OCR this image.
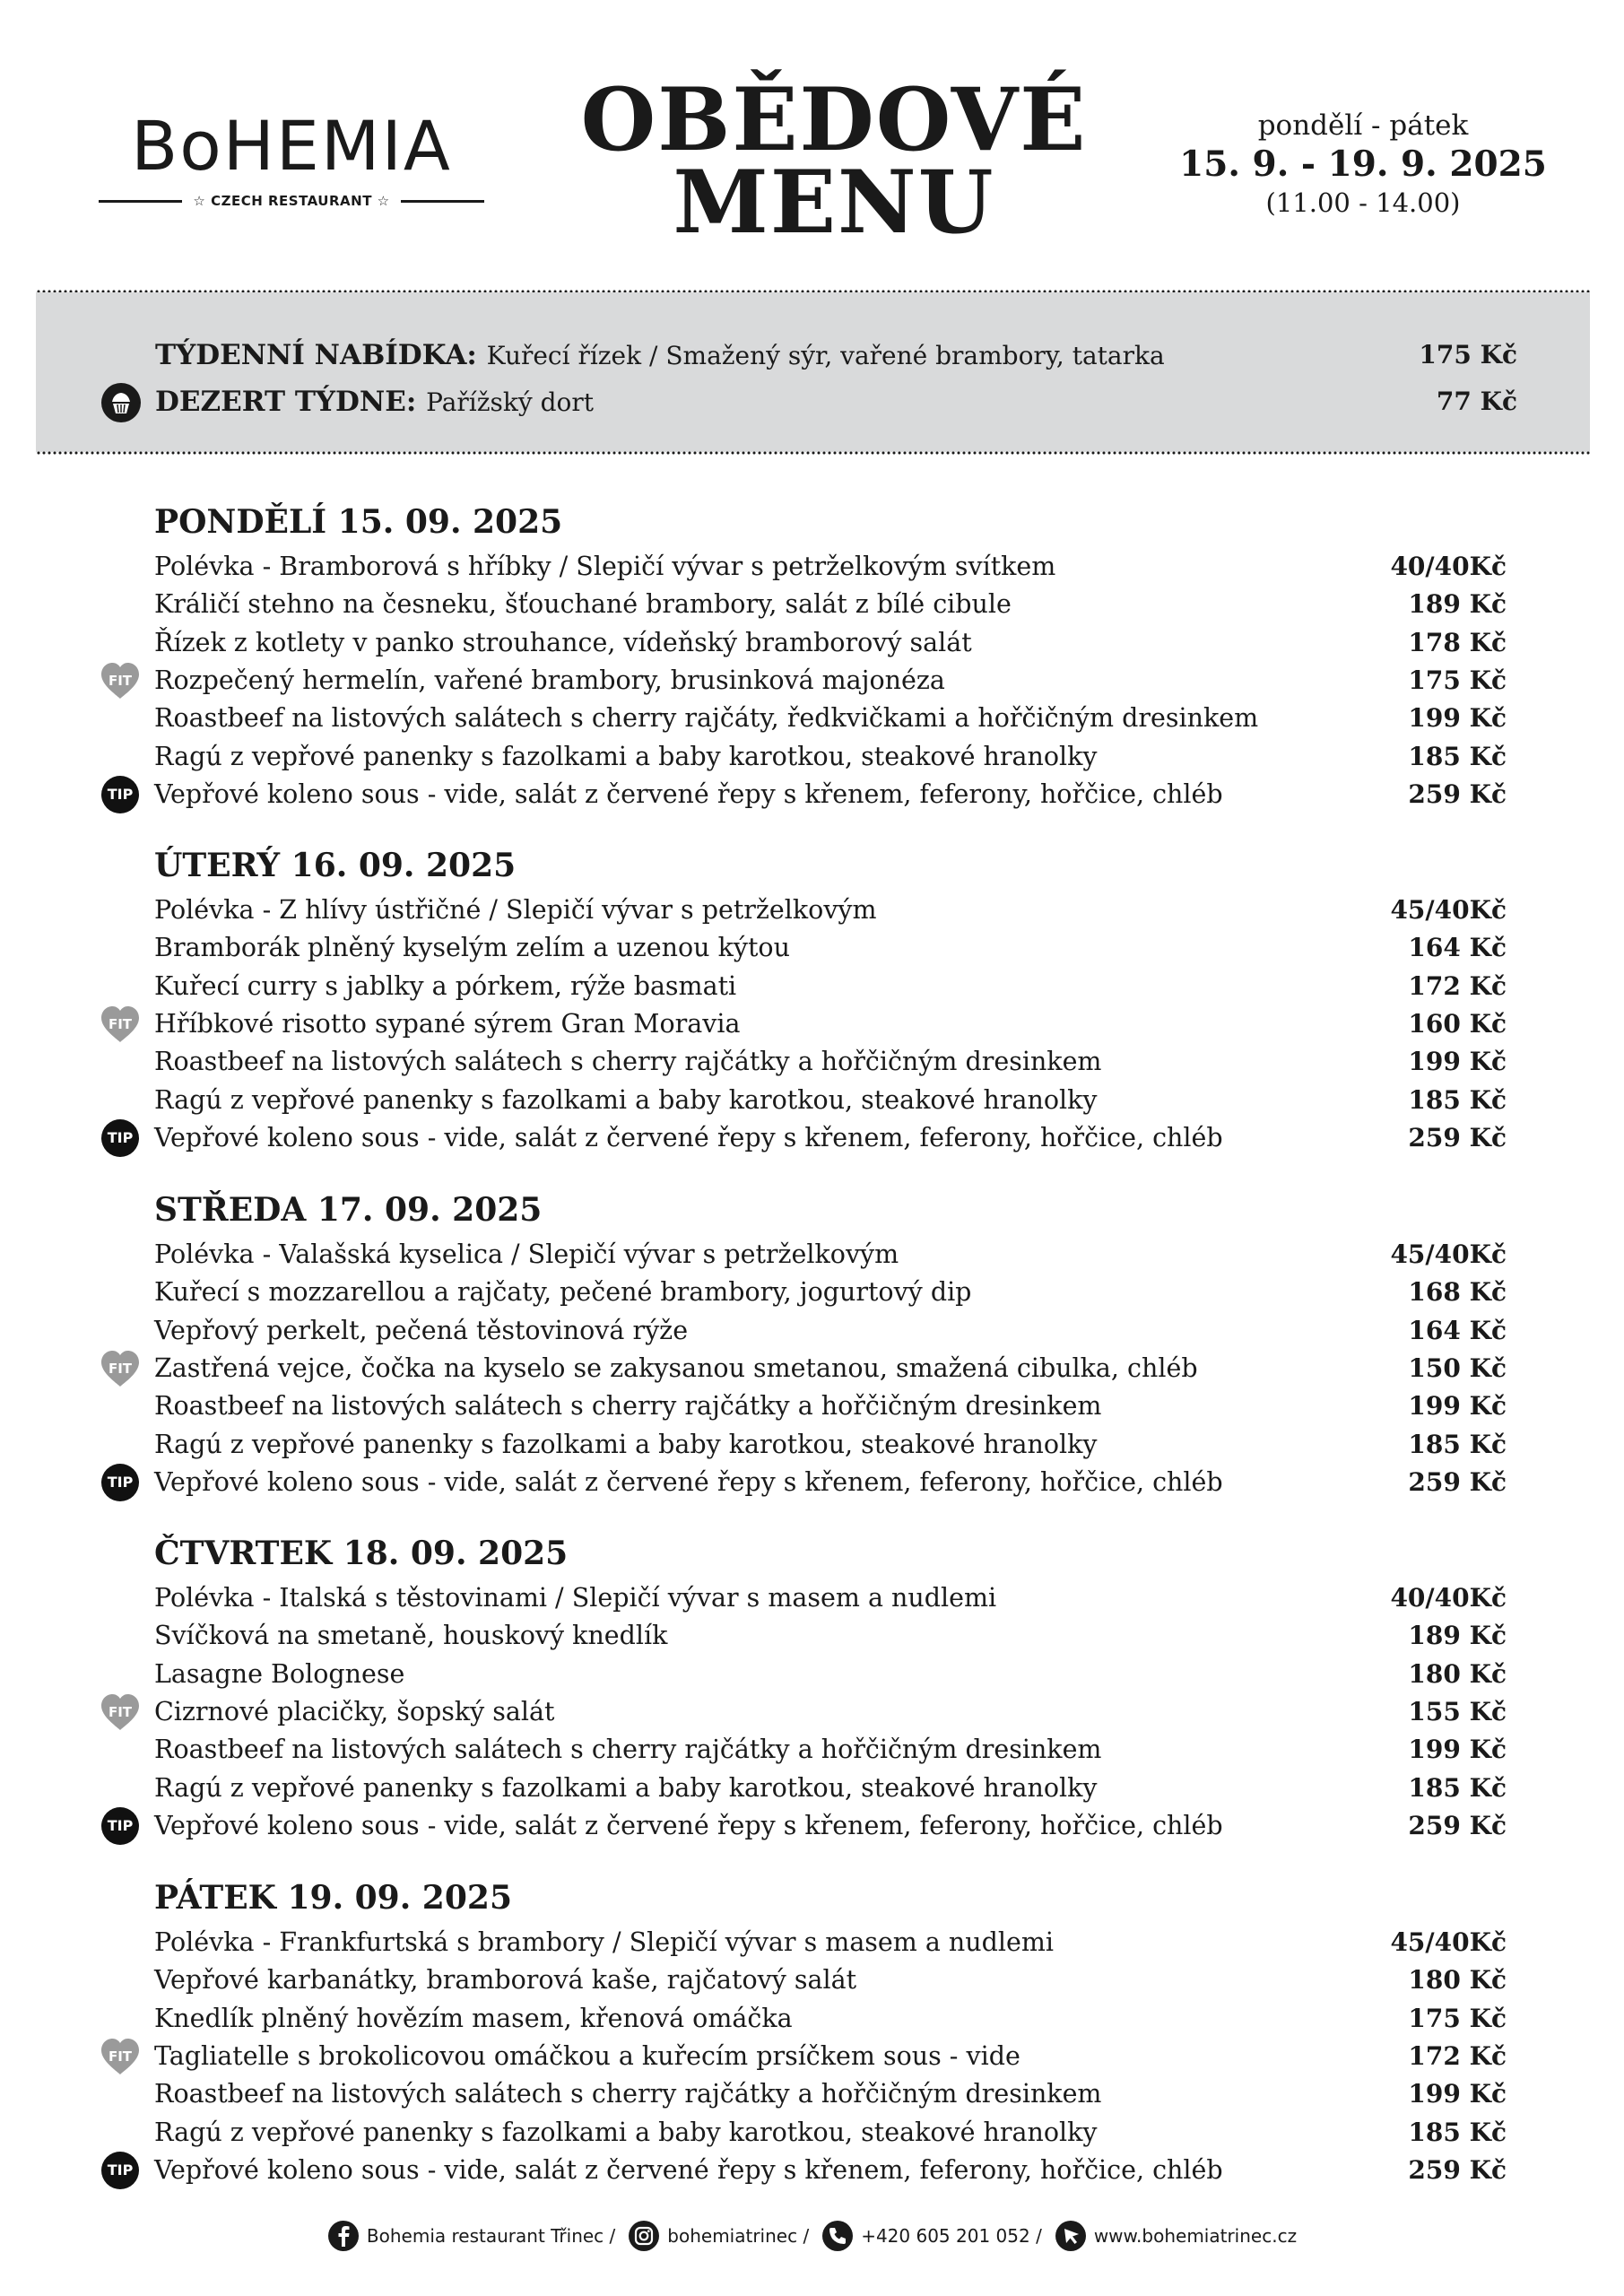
BoHEMIA
☆ CZECH RESTAURANT ☆
OBĚDOVÉ
MENU
pondělí - pátek
15. 9. - 19. 9. 2025
(11.00 - 14.00)
TÝDENNÍ NABÍDKA: Kuřecí řízek / Smažený sýr, vařené brambory, tatarka	175 Kč
DEZERT TÝDNE: Pařížský dort	77 Kč
PONDĚLÍ 15. 09. 2025
Polévka - Bramborová s hříbky / Slepičí vývar s petrželkovým svítkem	40/40Kč
Králičí stehno na česneku, šťouchané brambory, salát z bílé cibule	189 Kč
Řízek z kotlety v panko strouhance, vídeňský bramborový salát	178 Kč
FIT Rozpečený hermelín, vařené brambory, brusinková majonéza	175 Kč
Roastbeef na listových salátech s cherry rajčáty, ředkvičkami a hořčičným dresinkem	199 Kč
Ragú z vepřové panenky s fazolkami a baby karotkou, steakové hranolky	185 Kč
TIP Vepřové koleno sous - vide, salát z červené řepy s křenem, feferony, hořčice, chléb	259 Kč
ÚTERÝ 16. 09. 2025
Polévka - Z hlívy ústřičné / Slepičí vývar s petrželkovým	45/40Kč
Bramborák plněný kyselým zelím a uzenou kýtou	164 Kč
Kuřecí curry s jablky a pórkem, rýže basmati	172 Kč
FIT Hříbkové risotto sypané sýrem Gran Moravia	160 Kč
Roastbeef na listových salátech s cherry rajčátky a hořčičným dresinkem	199 Kč
Ragú z vepřové panenky s fazolkami a baby karotkou, steakové hranolky	185 Kč
TIP Vepřové koleno sous - vide, salát z červené řepy s křenem, feferony, hořčice, chléb	259 Kč
STŘEDA 17. 09. 2025
Polévka - Valašská kyselica / Slepičí vývar s petrželkovým	45/40Kč
Kuřecí s mozzarellou a rajčaty, pečené brambory, jogurtový dip	168 Kč
Vepřový perkelt, pečená těstovinová rýže	164 Kč
FIT Zastřená vejce, čočka na kyselo se zakysanou smetanou, smažená cibulka, chléb	150 Kč
Roastbeef na listových salátech s cherry rajčátky a hořčičným dresinkem	199 Kč
Ragú z vepřové panenky s fazolkami a baby karotkou, steakové hranolky	185 Kč
TIP Vepřové koleno sous - vide, salát z červené řepy s křenem, feferony, hořčice, chléb	259 Kč
ČTVRTEK 18. 09. 2025
Polévka - Italská s těstovinami / Slepičí vývar s masem a nudlemi	40/40Kč
Svíčková na smetaně, houskový knedlík	189 Kč
Lasagne Bolognese	180 Kč
FIT Cizrnové placičky, šopský salát	155 Kč
Roastbeef na listových salátech s cherry rajčátky a hořčičným dresinkem	199 Kč
Ragú z vepřové panenky s fazolkami a baby karotkou, steakové hranolky	185 Kč
TIP Vepřové koleno sous - vide, salát z červené řepy s křenem, feferony, hořčice, chléb	259 Kč
PÁTEK 19. 09. 2025
Polévka - Frankfurtská s brambory / Slepičí vývar s masem a nudlemi	45/40Kč
Vepřové karbanátky, bramborová kaše, rajčatový salát	180 Kč
Knedlík plněný hovězím masem, křenová omáčka	175 Kč
FIT Tagliatelle s brokolicovou omáčkou a kuřecím prsíčkem sous - vide	172 Kč
Roastbeef na listových salátech s cherry rajčátky a hořčičným dresinkem	199 Kč
Ragú z vepřové panenky s fazolkami a baby karotkou, steakové hranolky	185 Kč
TIP Vepřové koleno sous - vide, salát z červené řepy s křenem, feferony, hořčice, chléb	259 Kč
Bohemia restaurant Třinec /	bohemiatrinec /	+420 605 201 052 /	www.bohemiatrinec.cz
